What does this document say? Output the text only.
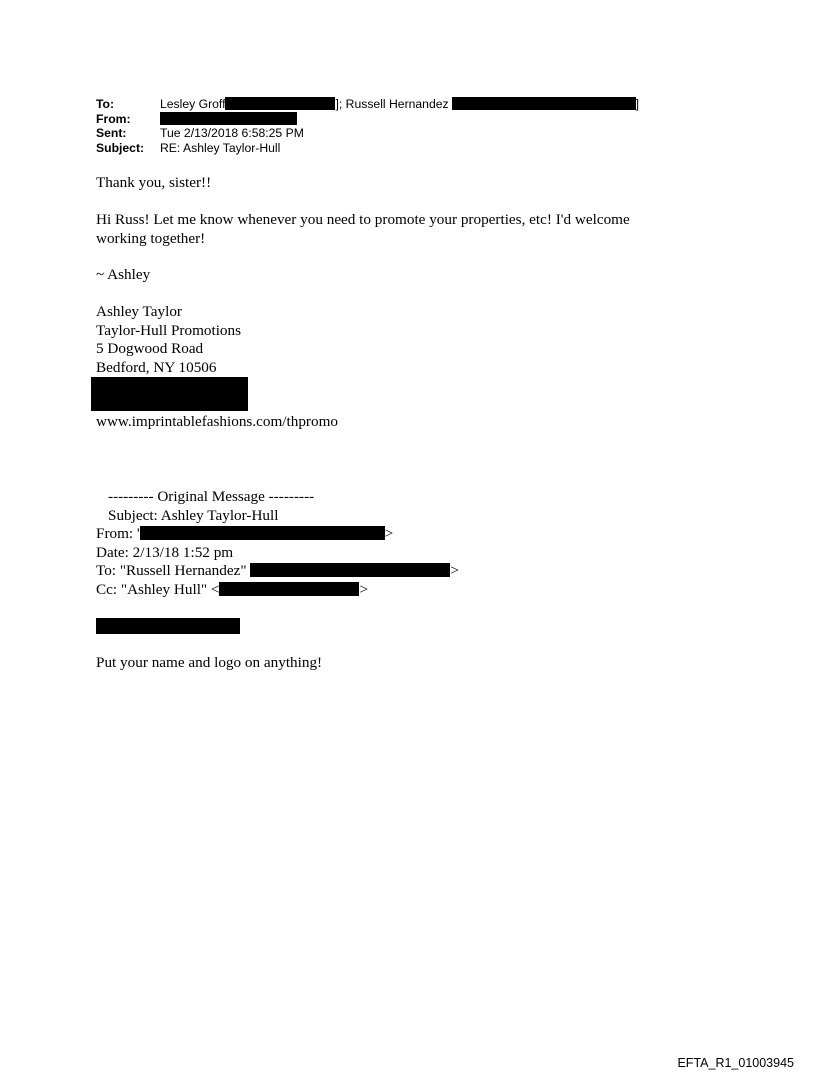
To:	Lesley Groff	]; Russell Hernandez	]
From:
Sent:	Tue 2/13/2018 6:58:25 PM
Subject:	RE: Ashley Taylor-Hull
Thank you, sister!!
Hi Russ! Let me know whenever you need to promote your properties, etc! I'd welcome
working together!
~ Ashley
Ashley Taylor
Taylor-Hull Promotions
5 Dogwood Road
Bedford, NY 10506
www.imprintablefashions.com/thpromo
--------- Original Message ---------
Subject: Ashley Taylor-Hull
From: '	>
Date: 2/13/18 1:52 pm
To: "Russell Hernandez"	>
Cc: "Ashley Hull" <	>
Put your name and logo on anything!
EFTA_R1_01003945
